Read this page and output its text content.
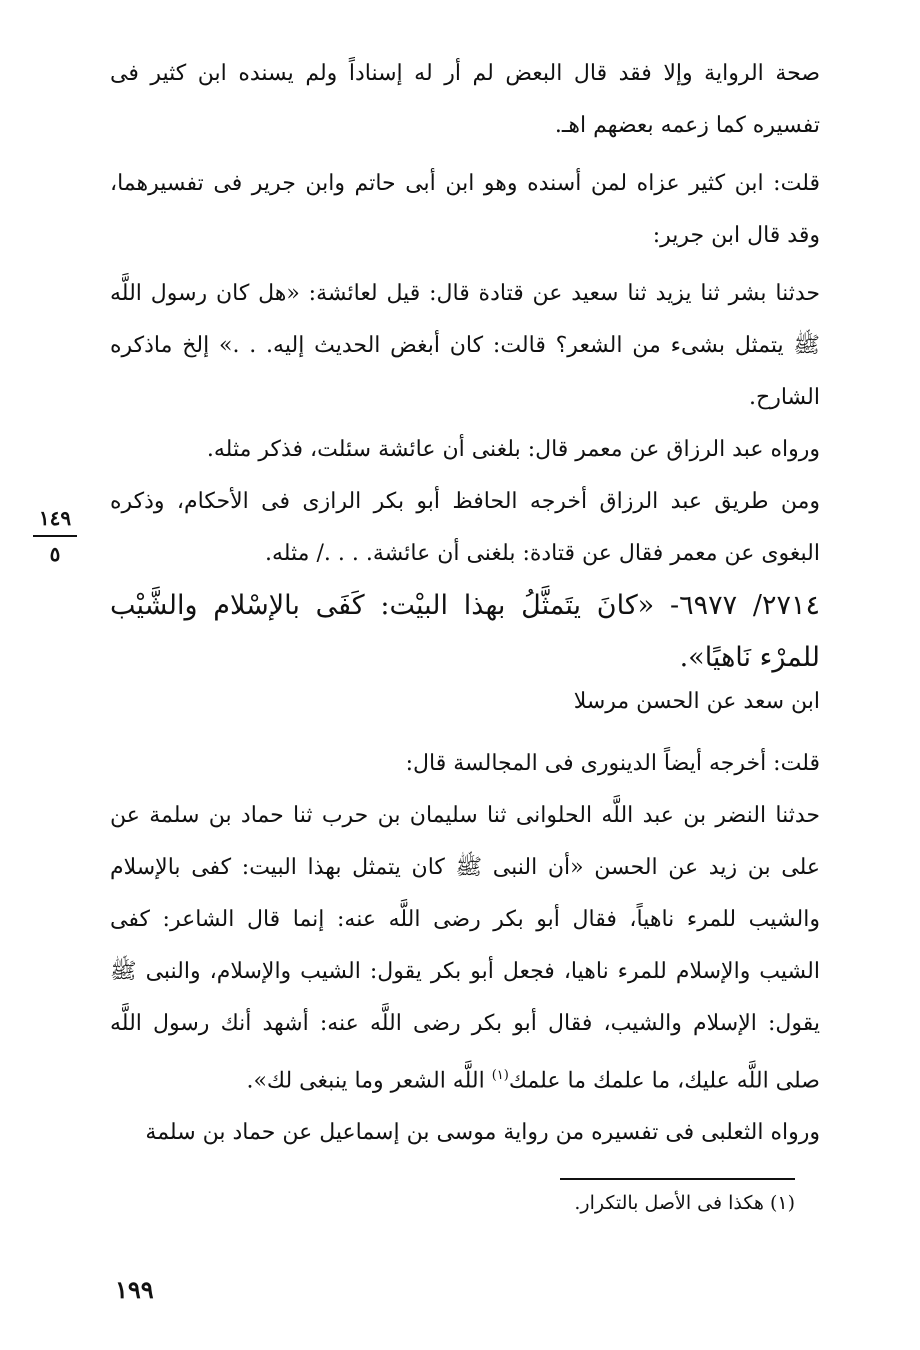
صحة الرواية وإلا فقد قال البعض لم أر له إسناداً ولم يسنده ابن كثير فى تفسيره كما زعمه بعضهم اهـ.

قلت: ابن كثير عزاه لمن أسنده وهو ابن أبى حاتم وابن جرير فى تفسيرهما، وقد قال ابن جرير:

حدثنا بشر ثنا يزيد ثنا سعيد عن قتادة قال: قيل لعائشة: «هل كان رسول اللَّه ﷺ يتمثل بشىء من الشعر؟ قالت: كان أبغض الحديث إليه. . .» إلخ ماذكره الشارح.

ورواه عبد الرزاق عن معمر قال: بلغنى أن عائشة سئلت، فذكر مثله.

ومن طريق عبد الرزاق أخرجه الحافظ أبو بكر الرازى فى الأحكام، وذكره البغوى عن معمر فقال عن قتادة: بلغنى أن عائشة. . . ./ مثله.

٢٧١٤/ ٦٩٧٧- «كانَ يتَمثَّلُ بهذا البيْت: كَفَى بالإسْلام والشَّيْب للمرْء نَاهيًا».

١٤٩
٥

ابن سعد عن الحسن مرسلا

قلت: أخرجه أيضاً الدينورى فى المجالسة قال:

حدثنا النضر بن عبد اللَّه الحلوانى ثنا سليمان بن حرب ثنا حماد بن سلمة عن على بن زيد عن الحسن «أن النبى ﷺ كان يتمثل بهذا البيت: كفى بالإسلام والشيب للمرء ناهياً، فقال أبو بكر رضى اللَّه عنه: إنما قال الشاعر: كفى الشيب والإسلام للمرء ناهيا، فجعل أبو بكر يقول: الشيب والإسلام، والنبى ﷺ يقول: الإسلام والشيب، فقال أبو بكر رضى اللَّه عنه: أشهد أنك رسول اللَّه صلى اللَّه عليك، ما علمك ما علمك$^{(١)}$ اللَّه الشعر وما ينبغى لك».

ورواه الثعلبى فى تفسيره من رواية موسى بن إسماعيل عن حماد بن سلمة

(١) هكذا فى الأصل بالتكرار.
١٩٩
